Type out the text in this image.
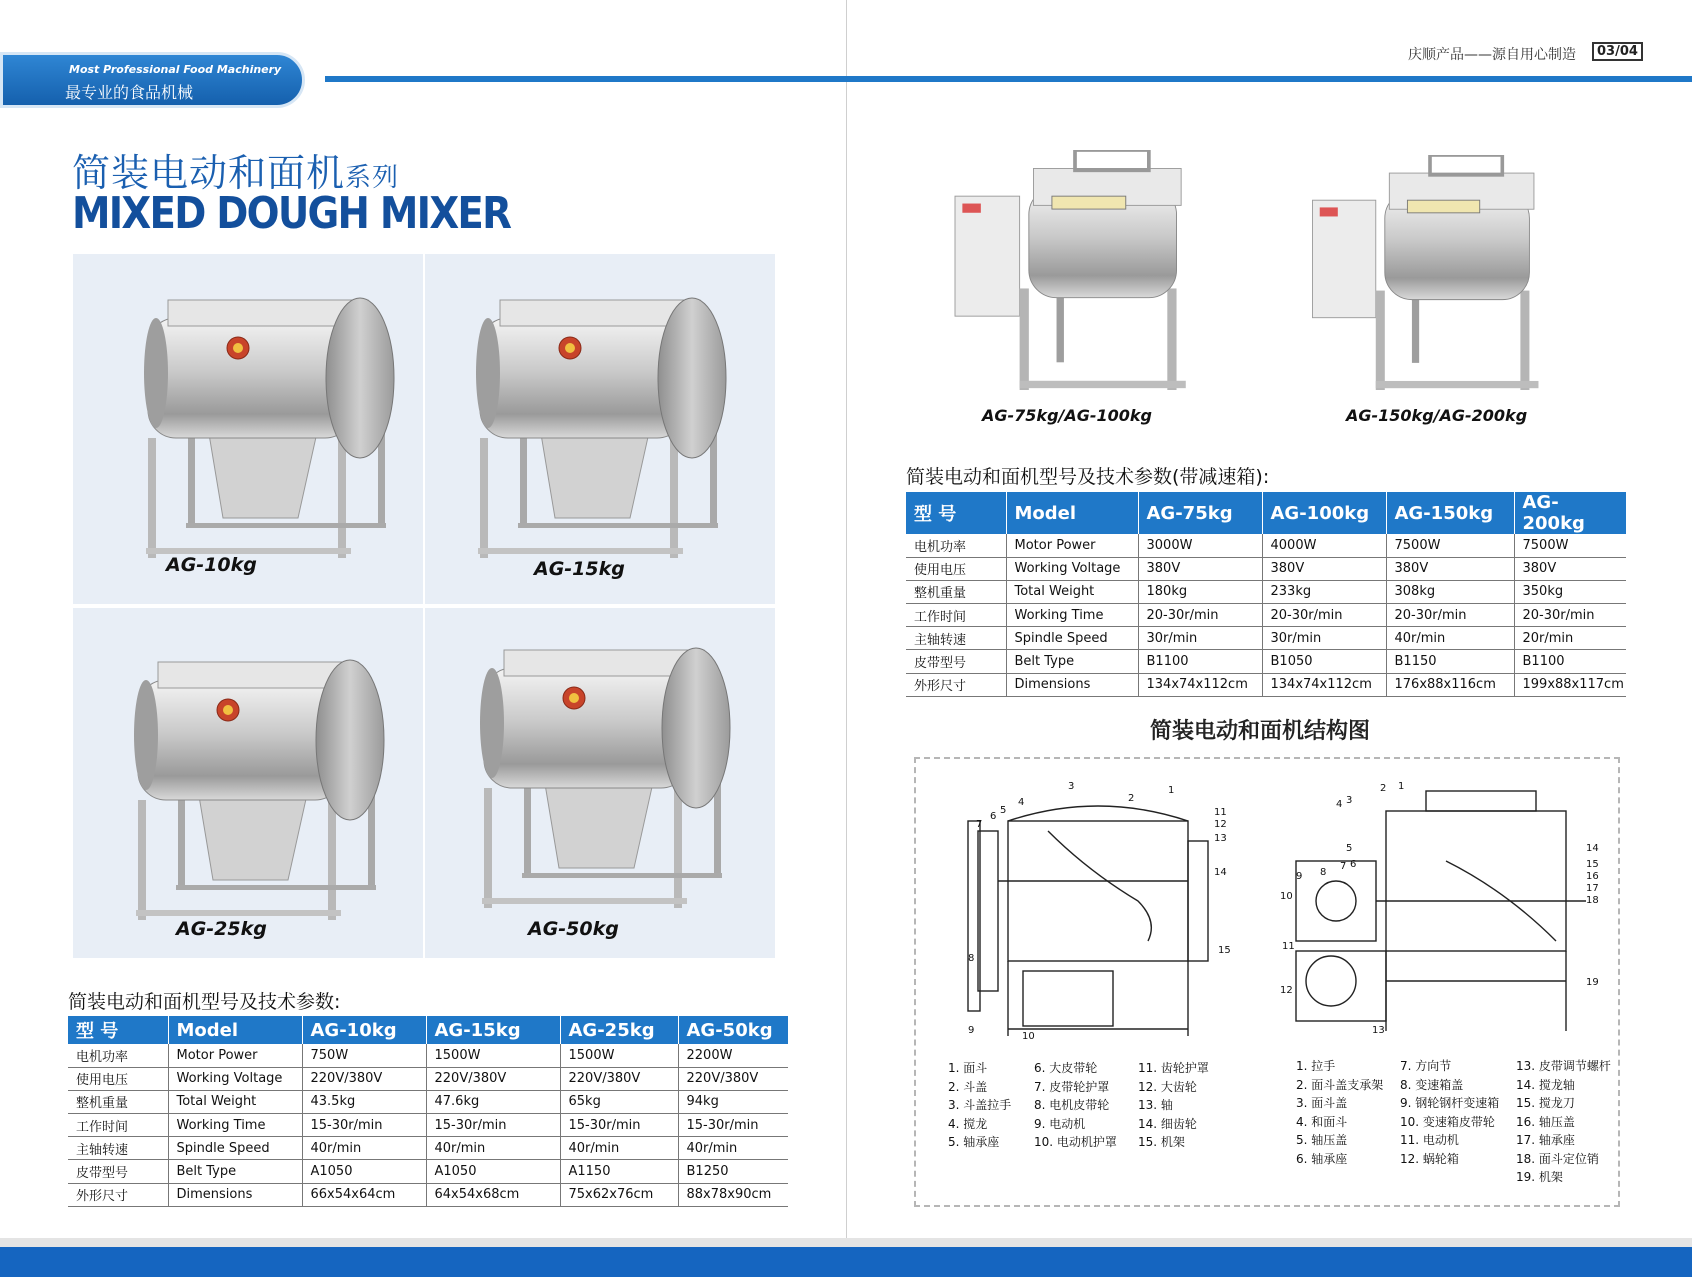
Most Professional Food Machinery
最专业的食品机械
庆顺产品——源自用心制造	03/04
简装电动和面机系列
MIXED DOUGH MIXER
AG-10kg	AG-15kg
AG-25kg	AG-50kg
AG-75kg/AG-100kg	AG-150kg/AG-200kg
简装电动和面机型号及技术参数:
型 号	Model	AG-10kg	AG-15kg	AG-25kg	AG-50kg
电机功率	Motor Power	750W	1500W	1500W	2200W
使用电压	Working Voltage	220V/380V	220V/380V	220V/380V	220V/380V
整机重量	Total Weight	43.5kg	47.6kg	65kg	94kg
工作时间	Working Time	15-30r/min	15-30r/min	15-30r/min	15-30r/min
主轴转速	Spindle Speed	40r/min	40r/min	40r/min	40r/min
皮带型号	Belt Type	A1050	A1050	A1150	B1250
外形尺寸	Dimensions	66x54x64cm	64x54x68cm	75x62x76cm	88x78x90cm
简装电动和面机型号及技术参数(带减速箱):
型 号	Model	AG-75kg	AG-100kg	AG-150kg	AG-200kg
电机功率	Motor Power	3000W	4000W	7500W	7500W
使用电压	Working Voltage	380V	380V	380V	380V
整机重量	Total Weight	180kg	233kg	308kg	350kg
工作时间	Working Time	20-30r/min	20-30r/min	20-30r/min	20-30r/min
主轴转速	Spindle Speed	30r/min	30r/min	40r/min	20r/min
皮带型号	Belt Type	B1100	B1050	B1150	B1100
外形尺寸	Dimensions	134x74x112cm	134x74x112cm	176x88x116cm	199x88x117cm
简装电动和面机结构图
1
2
3
4
5
6
7
8
9
10
11
12
13
14
15
1
2
3
4
5
6
7
8
9
10
11
12
13
14
15
16
17
18
19
1. 面斗
2. 斗盖
3. 斗盖拉手
4. 搅龙
5. 轴承座
6. 大皮带轮
7. 皮带轮护罩
8. 电机皮带轮
9. 电动机
10. 电动机护罩
11. 齿轮护罩
12. 大齿轮
13. 轴
14. 细齿轮
15. 机架
1. 拉手
2. 面斗盖支承架
3. 面斗盖
4. 和面斗
5. 轴压盖
6. 轴承座
7. 方向节
8. 变速箱盖
9. 钢轮钢杆变速箱
10. 变速箱皮带轮
11. 电动机
12. 蜗轮箱
13. 皮带调节螺杆
14. 搅龙轴
15. 搅龙刀
16. 轴压盖
17. 轴承座
18. 面斗定位销
19. 机架
